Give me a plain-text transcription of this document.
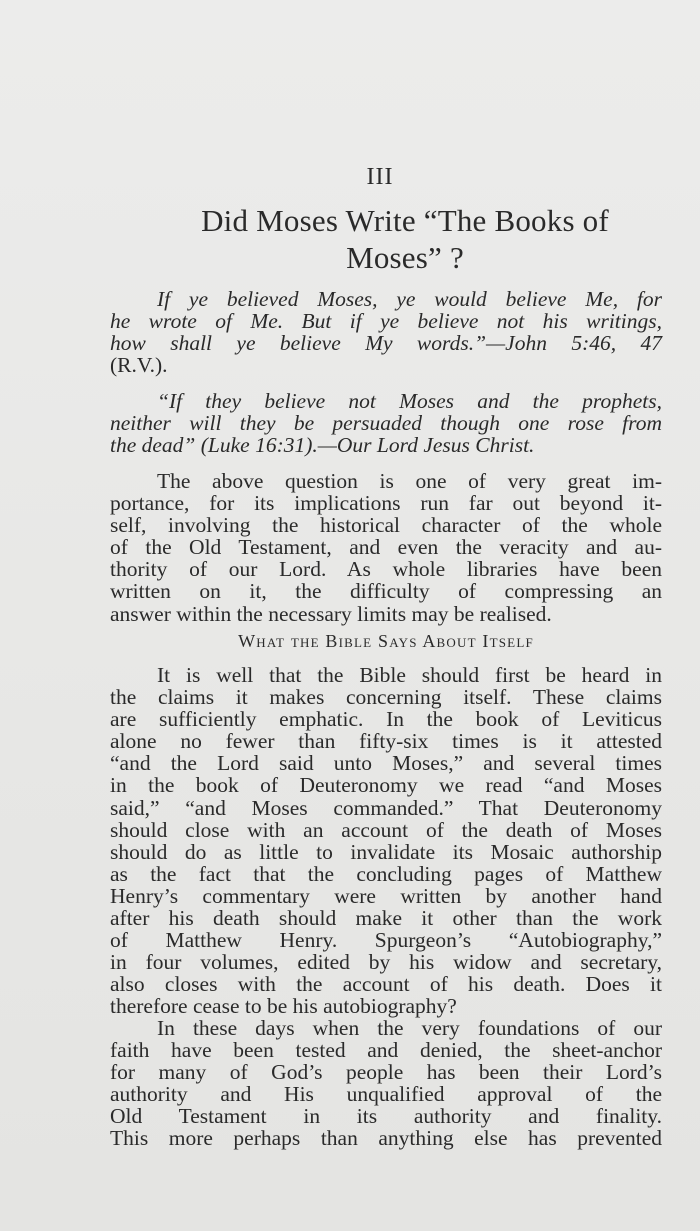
III
Did Moses Write “The Books of
Moses” ?
If ye believed Moses, ye would believe Me, for
he wrote of Me. But if ye believe not his writings,
how shall ye believe My words.”—John 5:46, 47
(R.V.).
“If they believe not Moses and the prophets,
neither will they be persuaded though one rose from
the dead” (Luke 16:31).—Our Lord Jesus Christ.
The above question is one of very great im-
portance, for its implications run far out beyond it-
self, involving the historical character of the whole
of the Old Testament, and even the veracity and au-
thority of our Lord. As whole libraries have been
written on it, the difficulty of compressing an
answer within the necessary limits may be realised.
What the Bible Says About Itself
It is well that the Bible should first be heard in
the claims it makes concerning itself. These claims
are sufficiently emphatic. In the book of Leviticus
alone no fewer than fifty-six times is it attested
“and the Lord said unto Moses,” and several times
in the book of Deuteronomy we read “and Moses
said,” “and Moses commanded.” That Deuteronomy
should close with an account of the death of Moses
should do as little to invalidate its Mosaic authorship
as the fact that the concluding pages of Matthew
Henry’s commentary were written by another hand
after his death should make it other than the work
of Matthew Henry. Spurgeon’s “Autobiography,”
in four volumes, edited by his widow and secretary,
also closes with the account of his death. Does it
therefore cease to be his autobiography?
In these days when the very foundations of our
faith have been tested and denied, the sheet-anchor
for many of God’s people has been their Lord’s
authority and His unqualified approval of the
Old Testament in its authority and finality.
This more perhaps than anything else has prevented
